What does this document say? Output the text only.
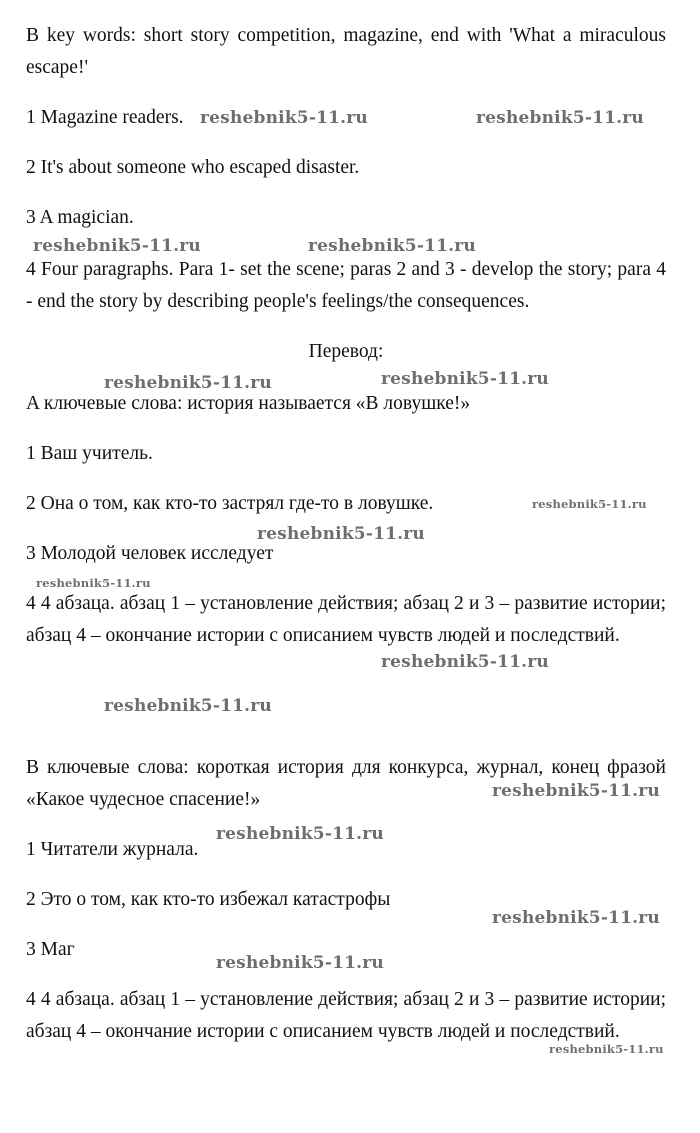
B key words: short story competition, magazine, end with 'What a miraculous escape!'
1 Magazine readers.
2 It's about someone who escaped disaster.
3 A magician.
4 Four paragraphs. Para 1- set the scene; paras 2 and 3 - develop the story; para 4 - end the story by describing people's feelings/the consequences.
Перевод:
A ключевые слова: история называется «В ловушке!»
1 Ваш учитель.
2 Она о том, как кто-то застрял где-то в ловушке.
3 Молодой человек исследует
4 4 абзаца. абзац 1 – установление действия; абзац 2 и 3 – развитие истории; абзац 4 – окончание истории с описанием чувств людей и последствий.
В ключевые слова: короткая история для конкурса, журнал, конец фразой «Какое чудесное спасение!»
1 Читатели журнала.
2 Это о том, как кто-то избежал катастрофы
3 Маг
4 4 абзаца. абзац 1 – установление действия; абзац 2 и 3 – развитие истории; абзац 4 – окончание истории с описанием чувств людей и последствий.
reshebnik5-11.ru	reshebnik5-11.ru
reshebnik5-11.ru	reshebnik5-11.ru
reshebnik5-11.ru	reshebnik5-11.ru
reshebnik5-11.ru
reshebnik5-11.ru
reshebnik5-11.ru
reshebnik5-11.ru
reshebnik5-11.ru
reshebnik5-11.ru
reshebnik5-11.ru
reshebnik5-11.ru
reshebnik5-11.ru
reshebnik5-11.ru
